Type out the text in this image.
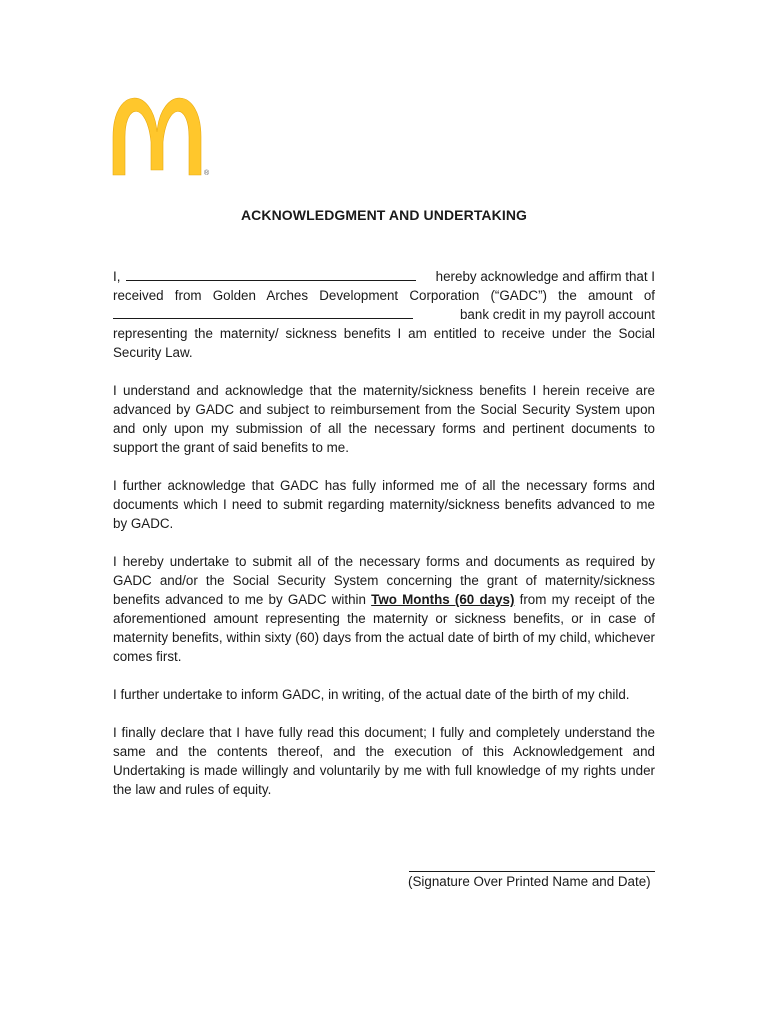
®
ACKNOWLEDGMENT AND UNDERTAKING
I,	hereby acknowledge and affirm that I
received from Golden Arches Development Corporation (“GADC”) the amount of
bank credit in my payroll account
representing the maternity/ sickness benefits I am entitled to receive under the Social Security Law.

I understand and acknowledge that the maternity/sickness benefits I herein receive are advanced by GADC and subject to reimbursement from the Social Security System upon and only upon my submission of all the necessary forms and pertinent documents to support the grant of said benefits to me.

I further acknowledge that GADC has fully informed me of all the necessary forms and documents which I need to submit regarding maternity/sickness benefits advanced to me by GADC.

I hereby undertake to submit all of the necessary forms and documents as required by GADC and/or the Social Security System concerning the grant of maternity/sickness benefits advanced to me by GADC within Two Months (60 days) from my receipt of the aforementioned amount representing the maternity or sickness benefits, or in case of maternity benefits, within sixty (60) days from the actual date of birth of my child, whichever comes first.

I further undertake to inform GADC, in writing, of the actual date of the birth of my child.

I finally declare that I have fully read this document; I fully and completely understand the same and the contents thereof, and the execution of this Acknowledgement and Undertaking is made willingly and voluntarily by me with full knowledge of my rights under the law and rules of equity.

(Signature Over Printed Name and Date)
